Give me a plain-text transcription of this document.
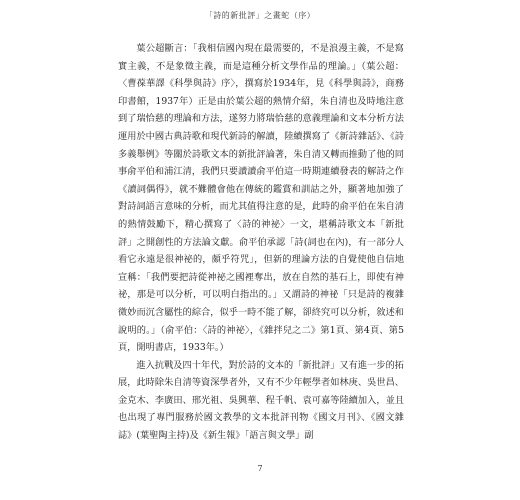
「詩的新批評」之畫蛇（序）

葉公超斷言：「我相信國內現在最需要的，不是浪漫主義，不是寫實主義，不是象徵主義，而是這種分析文學作品的理論。」（葉公超：〈曹葆華譯《科學與詩》序〉，撰寫於1934年，見《科學與詩》，商務印書館，1937年）正是由於葉公超的熱情介紹，朱自清也及時地注意到了瑞恰慈的理論和方法，遂努力將瑞恰慈的意義理論和文本分析方法運用於中國古典詩歌和現代新詩的解讀，陸續撰寫了《新詩雜話》、《詩多義舉例》等關於詩歌文本的新批評論著，朱自清又轉而推動了他的同事俞平伯和浦江清，我們只要讀讀俞平伯這一時期連續發表的解詩之作《讀詞偶得》，就不難體會他在傳統的鑑賞和訓詁之外，顯著地加強了對詩詞語言意味的分析，而尤其值得注意的是，此時的俞平伯在朱自清的熱情鼓勵下，精心撰寫了〈詩的神祕〉一文，堪稱詩歌文本「新批評」之開創性的方法論文獻。俞平伯承認「詩(詞也在內)，有一部分人看它永遠是很神祕的，頗乎符咒」，但新的理論方法的自覺使他自信地宣稱：「我們要把詩從神祕之國裡奪出，放在自然的基石上，即使有神祕，那是可以分析，可以明白指出的。」又謂詩的神祕「只是詩的複雜微妙而沉含屬性的綜合，似乎一時不能了解，卻終究可以分析，敘述和說明的。」（俞平伯：〈詩的神祕〉，《雜拌兒之二》第1頁、第4頁、第5頁，開明書店，1933年。）

進入抗戰及四十年代，對於詩的文本的「新批評」又有進一步的拓展，此時除朱自清等資深學者外，又有不少年輕學者如林庚、吳世昌、金克木、李廣田、邢光祖、吳興華、程千帆、袁可嘉等陸續加入，並且也出現了專門服務於國文教學的文本批評刊物《國文月刊》、《國文雜誌》(葉聖陶主持)及《新生報》「語言與文學」副

7
